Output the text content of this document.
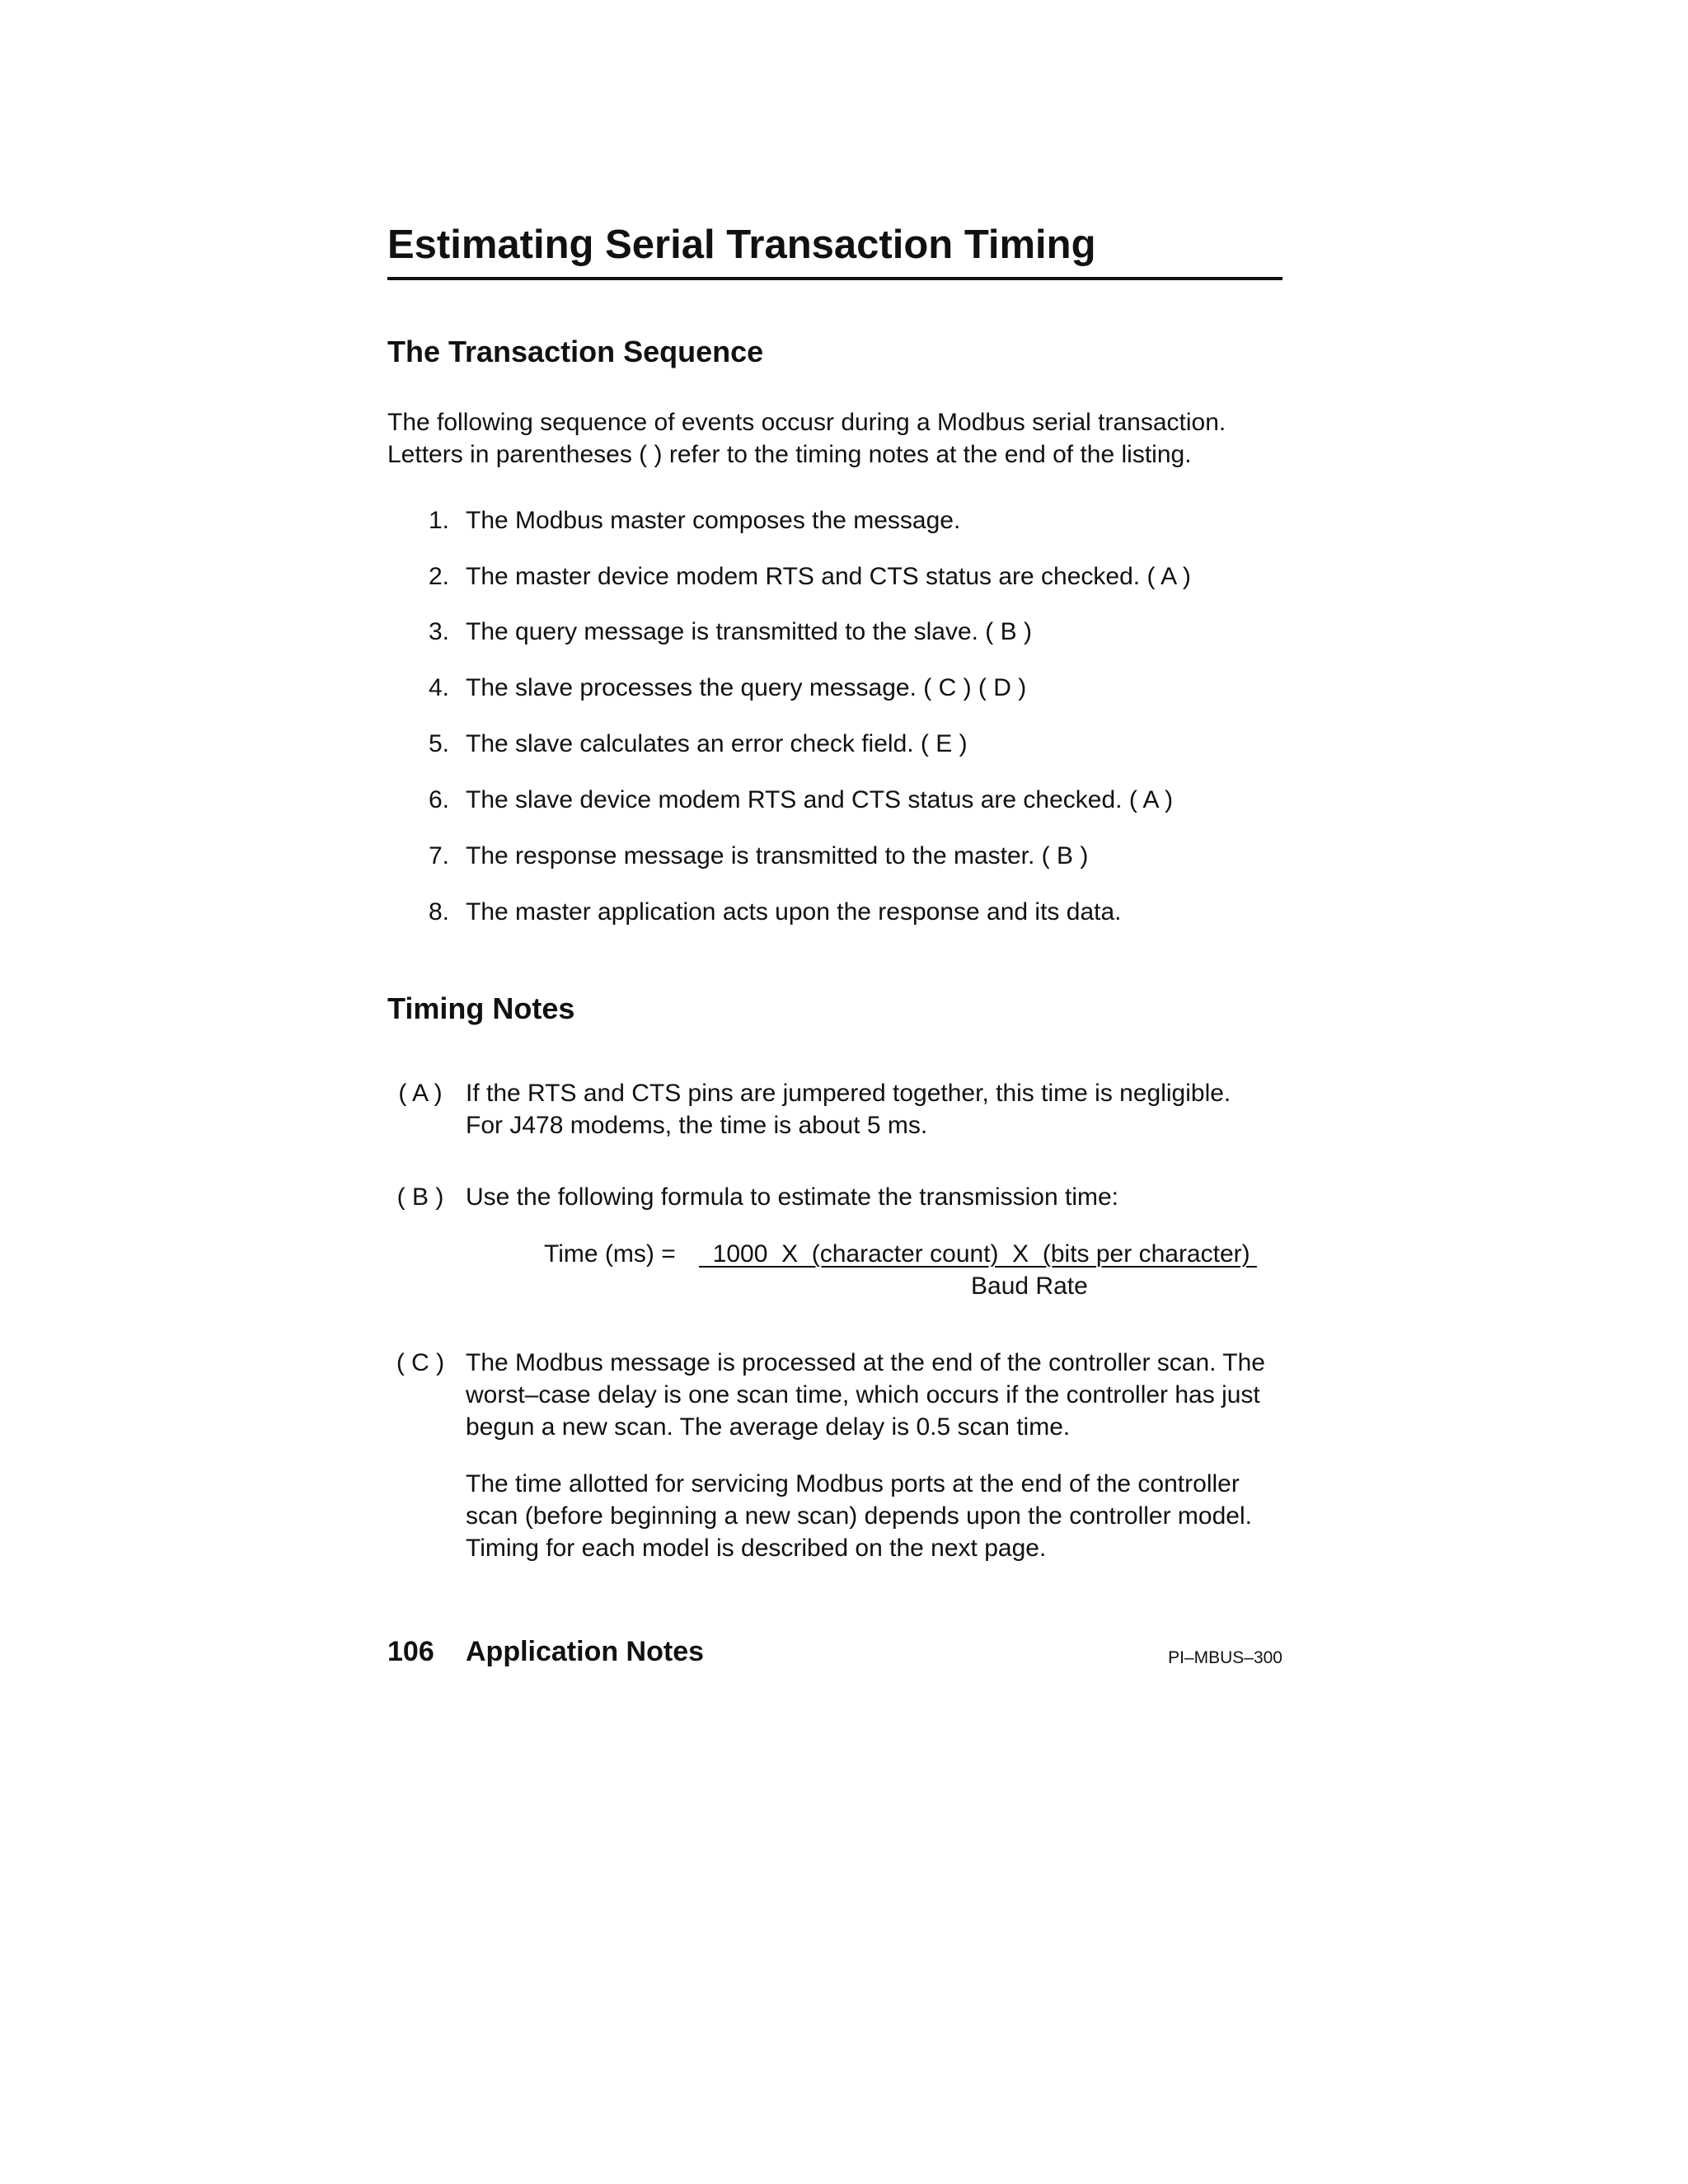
Estimating Serial Transaction Timing
The Transaction Sequence
The following sequence of events occusr during a Modbus serial transaction.
Letters in parentheses ( ) refer to the timing notes at the end of the listing.
1. The Modbus master composes the message.
2. The master device modem RTS and CTS status are checked. ( A )
3. The query message is transmitted to the slave. ( B )
4. The slave processes the query message. ( C ) ( D )
5. The slave calculates an error check field. ( E )
6. The slave device modem RTS and CTS status are checked. ( A )
7. The response message is transmitted to the master. ( B )
8. The master application acts upon the response and its data.
Timing Notes
( A ) If the RTS and CTS pins are jumpered together, this time is negligible.
For J478 modems, the time is about 5 ms.
( B ) Use the following formula to estimate the transmission time:
Time (ms) = 1000  X  (character count)  X  (bits per character)
Baud Rate
( C ) The Modbus message is processed at the end of the controller scan. The
worst–case delay is one scan time, which occurs if the controller has just
begun a new scan. The average delay is 0.5 scan time.
The time allotted for servicing Modbus ports at the end of the controller
scan (before beginning a new scan) depends upon the controller model.
Timing for each model is described on the next page.
106 Application Notes	PI–MBUS–300
